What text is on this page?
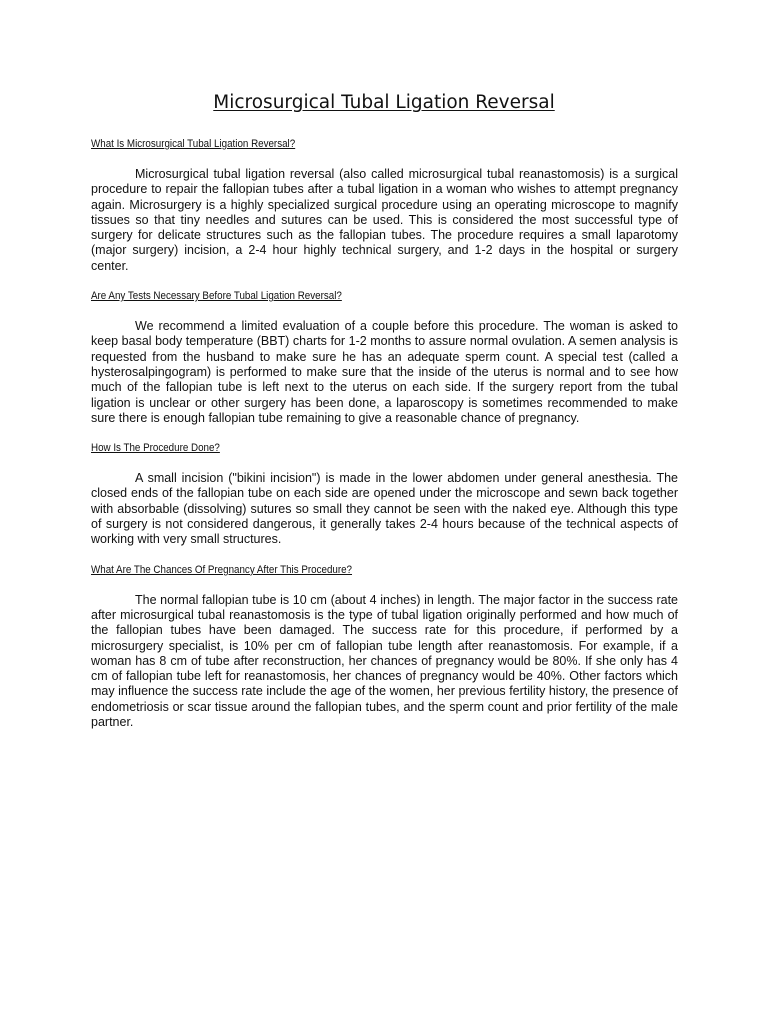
Microsurgical Tubal Ligation Reversal
What Is Microsurgical Tubal Ligation Reversal?

Microsurgical tubal ligation reversal (also called microsurgical tubal reanastomosis) is a surgical procedure to repair the fallopian tubes after a tubal ligation in a woman who wishes to attempt pregnancy again. Microsurgery is a highly specialized surgical procedure using an operating microscope to magnify tissues so that tiny needles and sutures can be used. This is considered the most successful type of surgery for delicate structures such as the fallopian tubes. The procedure requires a small laparotomy (major surgery) incision, a 2-4 hour highly technical surgery, and 1-2 days in the hospital or surgery center.

Are Any Tests Necessary Before Tubal Ligation Reversal?

We recommend a limited evaluation of a couple before this procedure. The woman is asked to keep basal body temperature (BBT) charts for 1-2 months to assure normal ovulation. A semen analysis is requested from the husband to make sure he has an adequate sperm count. A special test (called a hysterosalpingogram) is performed to make sure that the inside of the uterus is normal and to see how much of the fallopian tube is left next to the uterus on each side. If the surgery report from the tubal ligation is unclear or other surgery has been done, a laparoscopy is sometimes recommended to make sure there is enough fallopian tube remaining to give a reasonable chance of pregnancy.

How Is The Procedure Done?

A small incision ("bikini incision") is made in the lower abdomen under general anesthesia. The closed ends of the fallopian tube on each side are opened under the microscope and sewn back together with absorbable (dissolving) sutures so small they cannot be seen with the naked eye. Although this type of surgery is not considered dangerous, it generally takes 2-4 hours because of the technical aspects of working with very small structures.

What Are The Chances Of Pregnancy After This Procedure?

The normal fallopian tube is 10 cm (about 4 inches) in length. The major factor in the success rate after microsurgical tubal reanastomosis is the type of tubal ligation originally performed and how much of the fallopian tubes have been damaged. The success rate for this procedure, if performed by a microsurgery specialist, is 10% per cm of fallopian tube length after reanastomosis. For example, if a woman has 8 cm of tube after reconstruction, her chances of pregnancy would be 80%. If she only has 4 cm of fallopian tube left for reanastomosis, her chances of pregnancy would be 40%. Other factors which may influence the success rate include the age of the women, her previous fertility history, the presence of endometriosis or scar tissue around the fallopian tubes, and the sperm count and prior fertility of the male partner.
